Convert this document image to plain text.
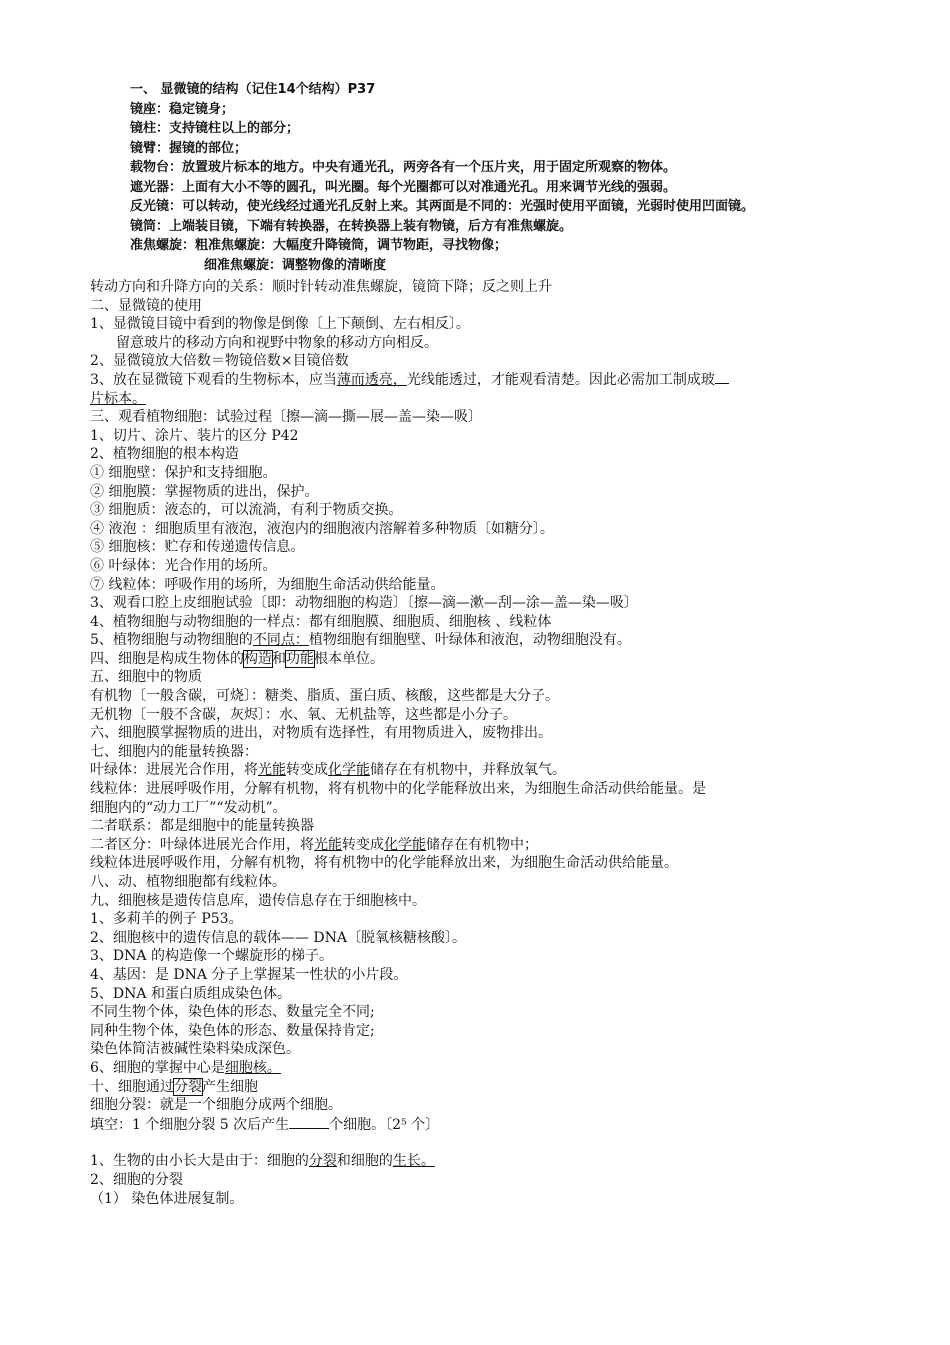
一、 显微镜的结构（记住14个结构）P37
镜座：稳定镜身；
镜柱：支持镜柱以上的部分；
镜臂：握镜的部位；
载物台：放置玻片标本的地方。中央有通光孔，两旁各有一个压片夹，用于固定所观察的物体。
遮光器：上面有大小不等的圆孔，叫光圈。每个光圈都可以对准通光孔。用来调节光线的强弱。
反光镜：可以转动，使光线经过通光孔反射上来。其两面是不同的：光强时使用平面镜，光弱时使用凹面镜。
镜筒：上端装目镜，下端有转换器，在转换器上装有物镜，后方有准焦螺旋。
准焦螺旋：粗准焦螺旋：大幅度升降镜筒，调节物距，寻找物像；
细准焦螺旋：调整物像的清晰度
转动方向和升降方向的关系：顺时针转动准焦螺旋，镜筒下降；反之则上升
二、显微镜的使用
1、显微镜目镜中看到的物像是倒像〔上下颠倒、左右相反〕。
留意玻片的移动方向和视野中物象的移动方向相反。
2、显微镜放大倍数＝物镜倍数×目镜倍数
3、放在显微镜下观看的生物标本，应当薄而透亮，光线能透过，才能观看清楚。因此必需加工制成玻
片标本。
三、观看植物细胞：试验过程〔擦—滴—撕—展—盖—染—吸〕
1、切片、涂片、装片的区分 P42
2、植物细胞的根本构造
① 细胞壁：保护和支持细胞。
② 细胞膜：掌握物质的进出，保护。
③ 细胞质：液态的，可以流淌，有利于物质交换。
④ 液泡 ：细胞质里有液泡，液泡内的细胞液内溶解着多种物质〔如糖分〕。
⑤ 细胞核：贮存和传递遗传信息。
⑥ 叶绿体：光合作用的场所。
⑦ 线粒体：呼吸作用的场所，为细胞生命活动供给能量。
3、观看口腔上皮细胞试验〔即：动物细胞的构造〕〔擦—滴—漱—刮—涂—盖—染—吸〕
4、植物细胞与动物细胞的一样点：都有细胞膜、细胞质、细胞核 、线粒体
5、植物细胞与动物细胞的不同点：植物细胞有细胞壁、叶绿体和液泡，动物细胞没有。
四、细胞是构成生物体的构造和功能根本单位。
五、细胞中的物质
有机物〔一般含碳，可烧〕：糖类、脂质、蛋白质、核酸，这些都是大分子。
无机物〔一般不含碳，灰烬〕：水、氧、无机盐等，这些都是小分子。
六、细胞膜掌握物质的进出，对物质有选择性，有用物质进入，废物排出。
七、细胞内的能量转换器：
叶绿体：进展光合作用，将光能转变成化学能储存在有机物中，并释放氧气。
线粒体：进展呼吸作用，分解有机物，将有机物中的化学能释放出来，为细胞生命活动供给能量。是
细胞内的“动力工厂”“发动机”。
二者联系：都是细胞中的能量转换器
二者区分：叶绿体进展光合作用，将光能转变成化学能储存在有机物中；
线粒体进展呼吸作用，分解有机物，将有机物中的化学能释放出来，为细胞生命活动供给能量。
八、动、植物细胞都有线粒体。
九、细胞核是遗传信息库，遗传信息存在于细胞核中。
1、多莉羊的例子 P53。
2、细胞核中的遗传信息的载体—— DNA〔脱氧核糖核酸〕。
3、DNA 的构造像一个螺旋形的梯子。
4、基因：是 DNA 分子上掌握某一性状的小片段。
5、DNA 和蛋白质组成染色体。
不同生物个体，染色体的形态、数量完全不同;
同种生物个体，染色体的形态、数量保持肯定;
染色体简洁被碱性染料染成深色。
6、细胞的掌握中心是细胞核。
十、细胞通过分裂产生细胞
细胞分裂：就是一个细胞分成两个细胞。
填空：1 个细胞分裂 5 次后产生	个细胞。〔2⁵ 个〕
1、生物的由小长大是由于：细胞的分裂和细胞的生长。
2、细胞的分裂
（1） 染色体进展复制。
